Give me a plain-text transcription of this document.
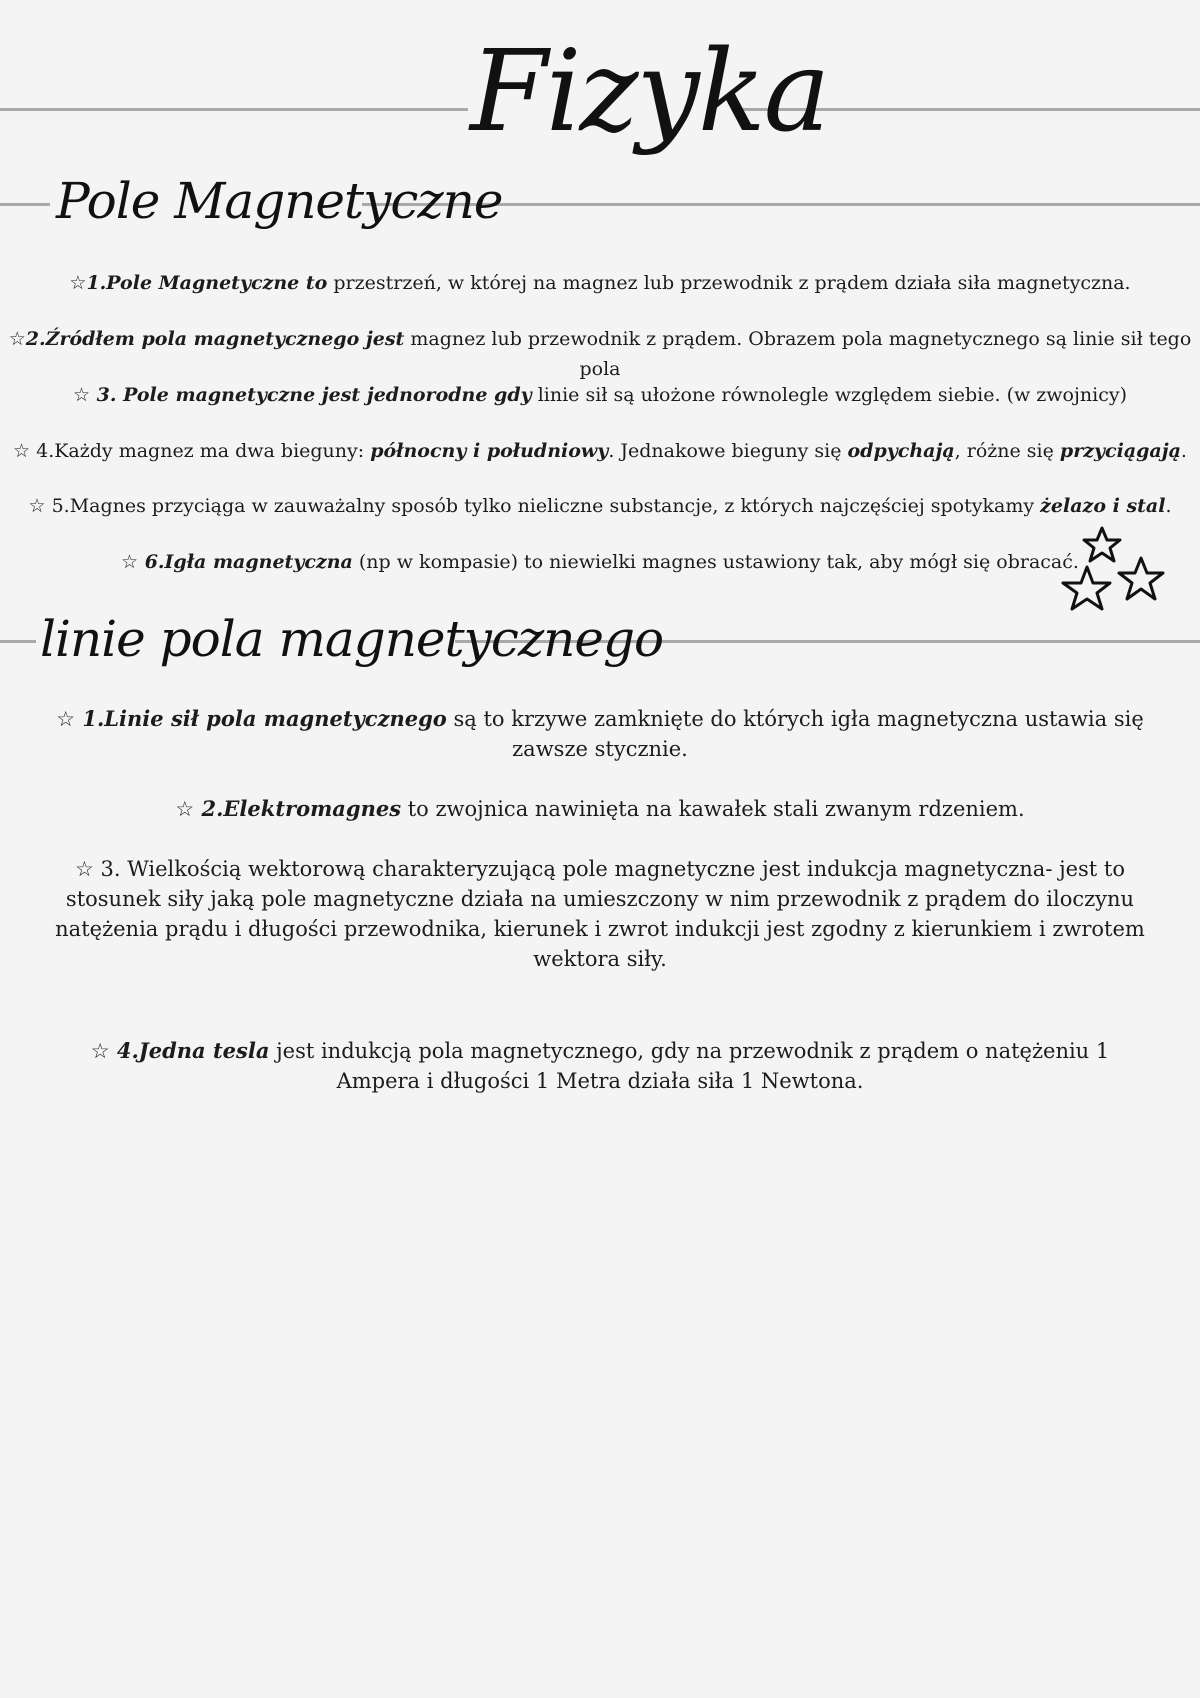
Fizyka
Pole Magnetyczne
☆1.Pole Magnetyczne to przestrzeń, w której na magnez lub przewodnik z prądem działa siła magnetyczna.
☆2.Źródłem pola magnetycznego jest magnez lub przewodnik z prądem. Obrazem pola magnetycznego są linie sił tego pola
☆ 3. Pole magnetyczne jest jednorodne gdy linie sił są ułożone równolegle względem siebie. (w zwojnicy)
☆ 4.Każdy magnez ma dwa bieguny: północny i południowy. Jednakowe bieguny się odpychają, różne się przyciągają.
☆ 5.Magnes przyciąga w zauważalny sposób tylko nieliczne substancje, z których najczęściej spotykamy żelazo i stal.
☆ 6.Igła magnetyczna (np w kompasie) to niewielki magnes ustawiony tak, aby mógł się obracać.
linie pola magnetycznego
☆ 1.Linie sił pola magnetycznego są to krzywe zamknięte do których igła magnetyczna ustawia się zawsze stycznie.
☆ 2.Elektromagnes to zwojnica nawinięta na kawałek stali zwanym rdzeniem.
☆ 3. Wielkością wektorową charakteryzującą pole magnetyczne jest indukcja magnetyczna- jest to stosunek siły jaką pole magnetyczne działa na umieszczony w nim przewodnik z prądem do iloczynu natężenia prądu i długości przewodnika, kierunek i zwrot indukcji jest zgodny z kierunkiem i zwrotem wektora siły.
☆ 4.Jedna tesla jest indukcją pola magnetycznego, gdy na przewodnik z prądem o natężeniu 1 Ampera i długości 1 Metra działa siła 1 Newtona.
